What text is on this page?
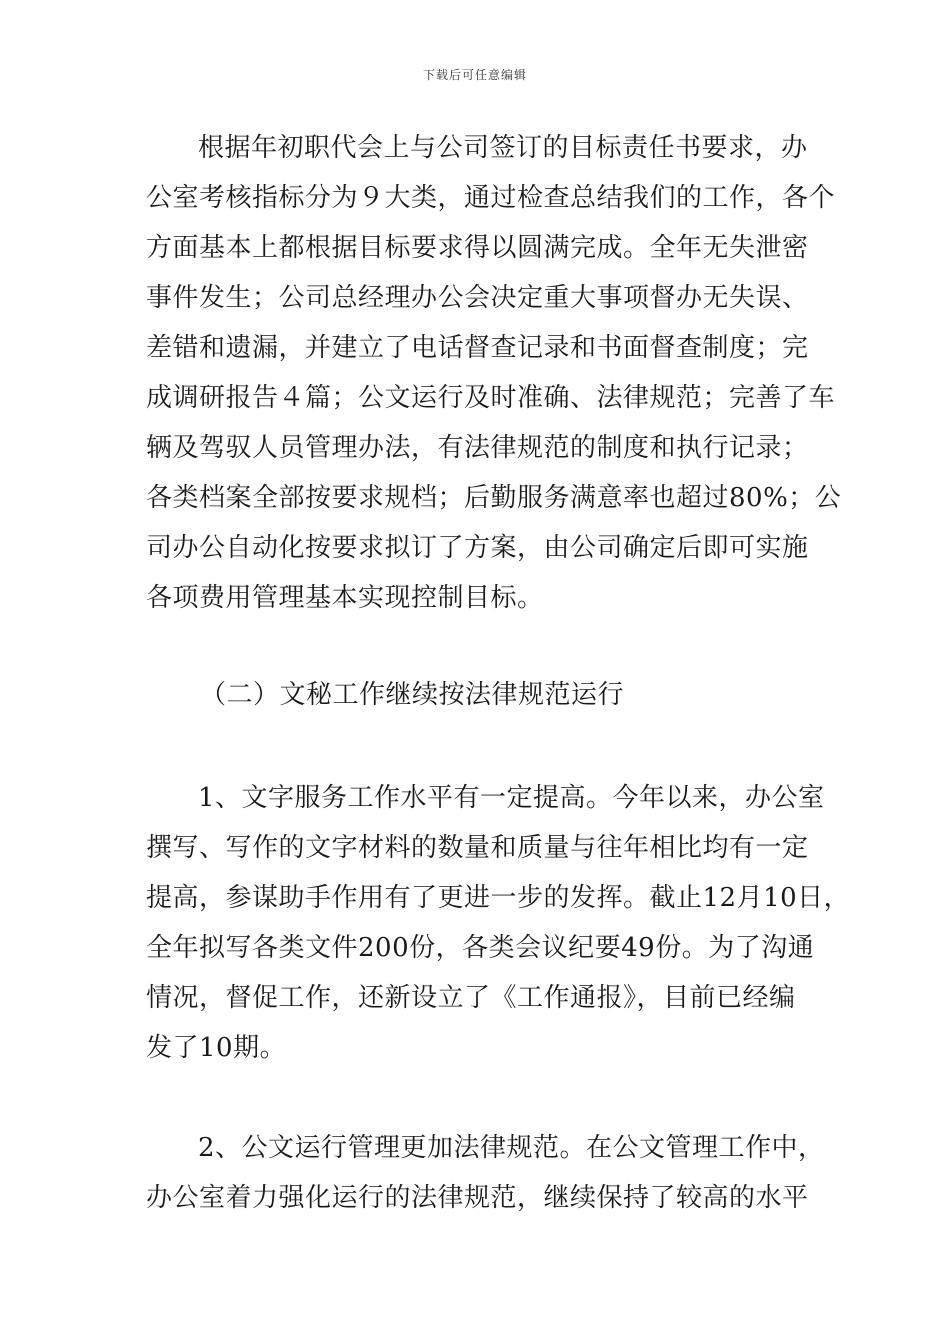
下载后可任意编辑
根据年初职代会上与公司签订的目标责任书要求，办
公室考核指标分为９大类，通过检查总结我们的工作，各个
方面基本上都根据目标要求得以圆满完成。全年无失泄密
事件发生；公司总经理办公会决定重大事项督办无失误、
差错和遗漏，并建立了电话督查记录和书面督查制度；完
成调研报告４篇；公文运行及时准确、法律规范；完善了车
辆及驾驭人员管理办法，有法律规范的制度和执行记录；
各类档案全部按要求规档；后勤服务满意率也超过80%；公
司办公自动化按要求拟订了方案，由公司确定后即可实施
各项费用管理基本实现控制目标。
（二）文秘工作继续按法律规范运行
1、文字服务工作水平有一定提高。今年以来，办公室
撰写、写作的文字材料的数量和质量与往年相比均有一定
提高，参谋助手作用有了更进一步的发挥。截止12月10日，
全年拟写各类文件200份，各类会议纪要49份。为了沟通
情况，督促工作，还新设立了《工作通报》，目前已经编
发了10期。
2、公文运行管理更加法律规范。在公文管理工作中，
办公室着力强化运行的法律规范，继续保持了较高的水平
